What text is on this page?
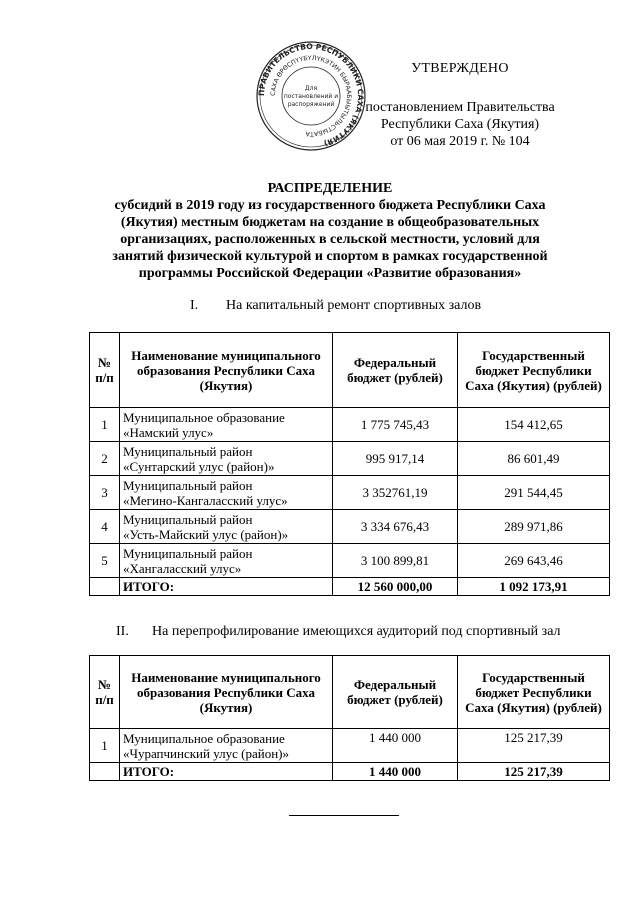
ПРАВИТЕЛЬСТВО РЕСПУБЛИКИ САХА (ЯКУТИЯ)
САХА ӨРӨСПҮҮБҮЛҮКЭТИН БЫРААБЫЫТЫЛЬСТЫБАТА
Для
постановлений и
распоряжений
УТВЕРЖДЕНО
постановлением Правительства
Республики Саха (Якутия)
от 06 мая 2019 г. № 104
РАСПРЕДЕЛЕНИЕ
субсидий в 2019 году из государственного бюджета Республики Саха
(Якутия) местным бюджетам на создание в общеобразовательных
организациях, расположенных в сельской местности, условий для
занятий физической культурой и спортом в рамках государственной
программы Российской Федерации «Развитие образования»
I. На капитальный ремонт спортивных залов
№ п/п	Наименование муниципального образования Республики Саха (Якутия)	Федеральный бюджет (рублей)	Государственный бюджет Республики Саха (Якутия) (рублей)
1	Муниципальное образование
«Намский улус»	1 775 745,43	154 412,65
2	Муниципальный район
«Сунтарский улус (район)»	995 917,14	86 601,49
3	Муниципальный район
«Мегино-Кангаласский улус»	3 352761,19	291 544,45
4	Муниципальный район
«Усть-Майский улус (район)»	3 334 676,43	289 971,86
5	Муниципальный район
«Хангаласский улус»	3 100 899,81	269 643,46
	ИТОГО:	12 560 000,00	1 092 173,91
II. На перепрофилирование имеющихся аудиторий под спортивный зал
№ п/п	Наименование муниципального образования Республики Саха (Якутия)	Федеральный бюджет (рублей)	Государственный бюджет Республики Саха (Якутия) (рублей)
1	Муниципальное образование
«Чурапчинский улус (район)»	1 440 000	125 217,39
	ИТОГО:	1 440 000	125 217,39
